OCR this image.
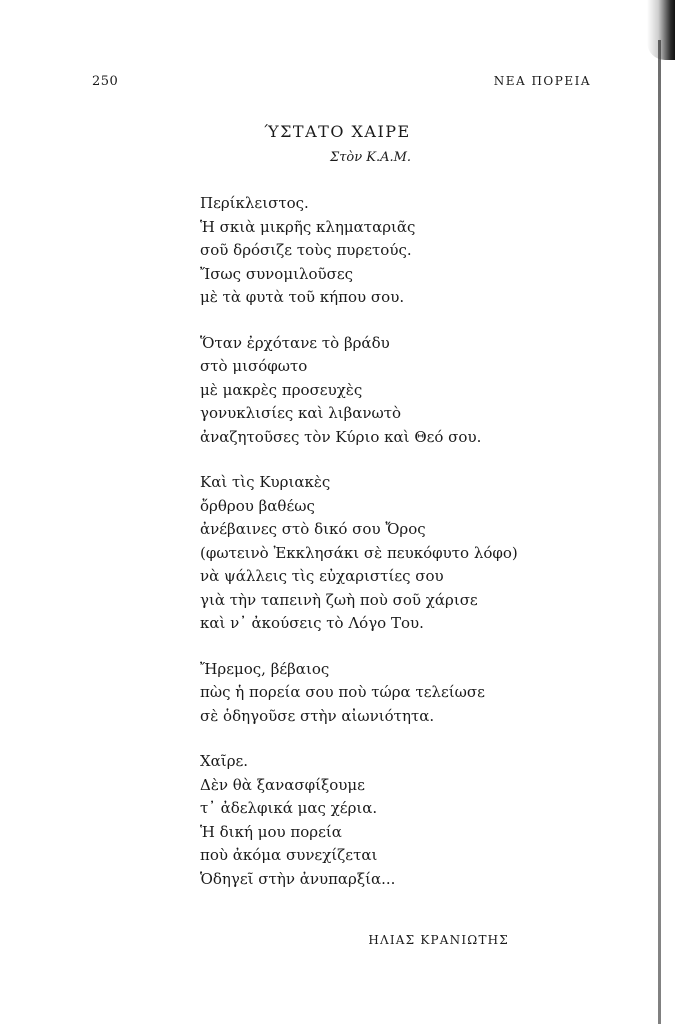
250	ΝΕΑ ΠΟΡΕΙΑ
ΎΣΤΑΤΟ ΧΑΙΡΕ
Στὸν Κ.Α.Μ.
Περίκλειστος.
Ἡ σκιὰ μικρῆς κληματαριᾶς
σοῦ δρόσιζε τοὺς πυρετούς.
Ἴσως συνομιλοῦσες
μὲ τὰ φυτὰ τοῦ κήπου σου.
Ὅταν ἐρχότανε τὸ βράδυ
στὸ μισόφωτο
μὲ μακρὲς προσευχὲς
γονυκλισίες καὶ λιβανωτὸ
ἀναζητοῦσες τὸν Κύριο καὶ Θεό σου.
Καὶ τὶς Κυριακὲς
ὄρθρου βαθέως
ἀνέβαινες στὸ δικό σου Ὄρος
(φωτεινὸ Ἐκκλησάκι σὲ πευκόφυτο λόφο)
νὰ ψάλλεις τὶς εὐχαριστίες σου
γιὰ τὴν ταπεινὴ ζωὴ ποὺ σοῦ χάρισε
καὶ ν᾽ ἀκούσεις τὸ Λόγο Του.
Ἤρεμος, βέβαιος
πὼς ἡ πορεία σου ποὺ τώρα τελείωσε
σὲ ὁδηγοῦσε στὴν αἰωνιότητα.
Χαῖρε.
Δὲν θὰ ξανασφίξουμε
τ᾽ ἀδελφικά μας χέρια.
Ἡ δική μου πορεία
ποὺ ἀκόμα συνεχίζεται
Ὁδηγεῖ στὴν ἀνυπαρξία...
ΗΛΙΑΣ ΚΡΑΝΙΩΤΗΣ
